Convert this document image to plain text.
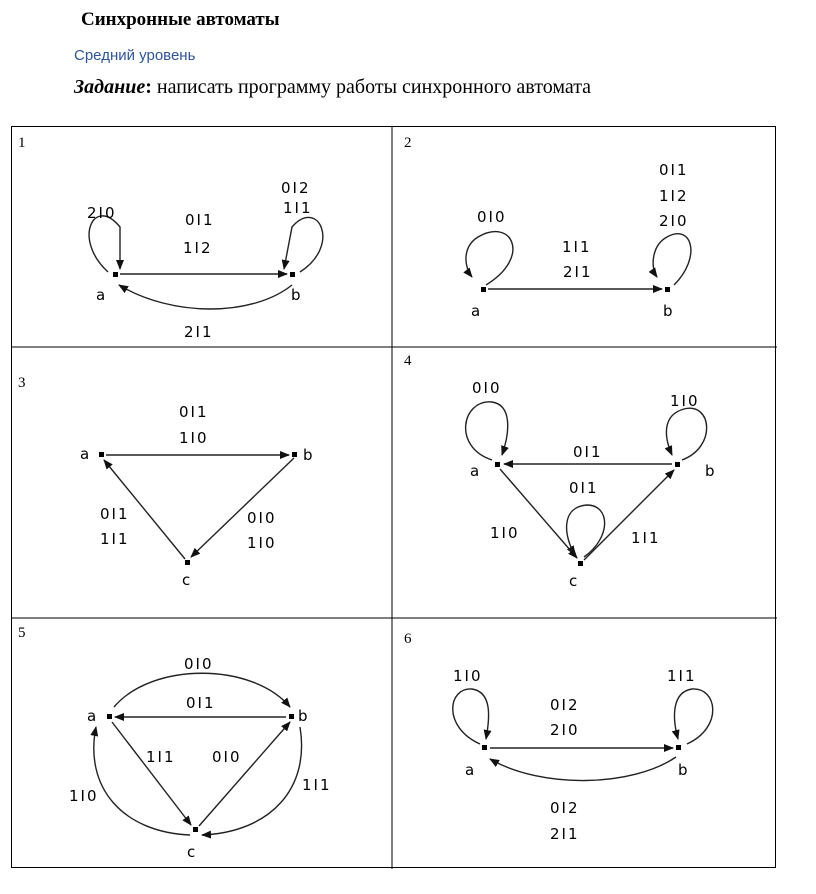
Синхронные автоматы
Средний уровень
Задание: написать программу работы синхронного автомата
1	2
3
4
5	6
a	b
2I0	0I1
1I2
0I2
1I1
2I1
a	b
0I0
1I1
2I1
0I1
1I2
2I0
a	b
c
0I1
1I0
0I0
1I0
0I1
1I1
a	b
c
0I0
1I0
0I1
0I1
1I0	1I1
a	b
c
0I0
0I1
1I1 0I0
1I0
1I1
a	b
1I0	1I1
0I2
2I0
0I2
2I1
